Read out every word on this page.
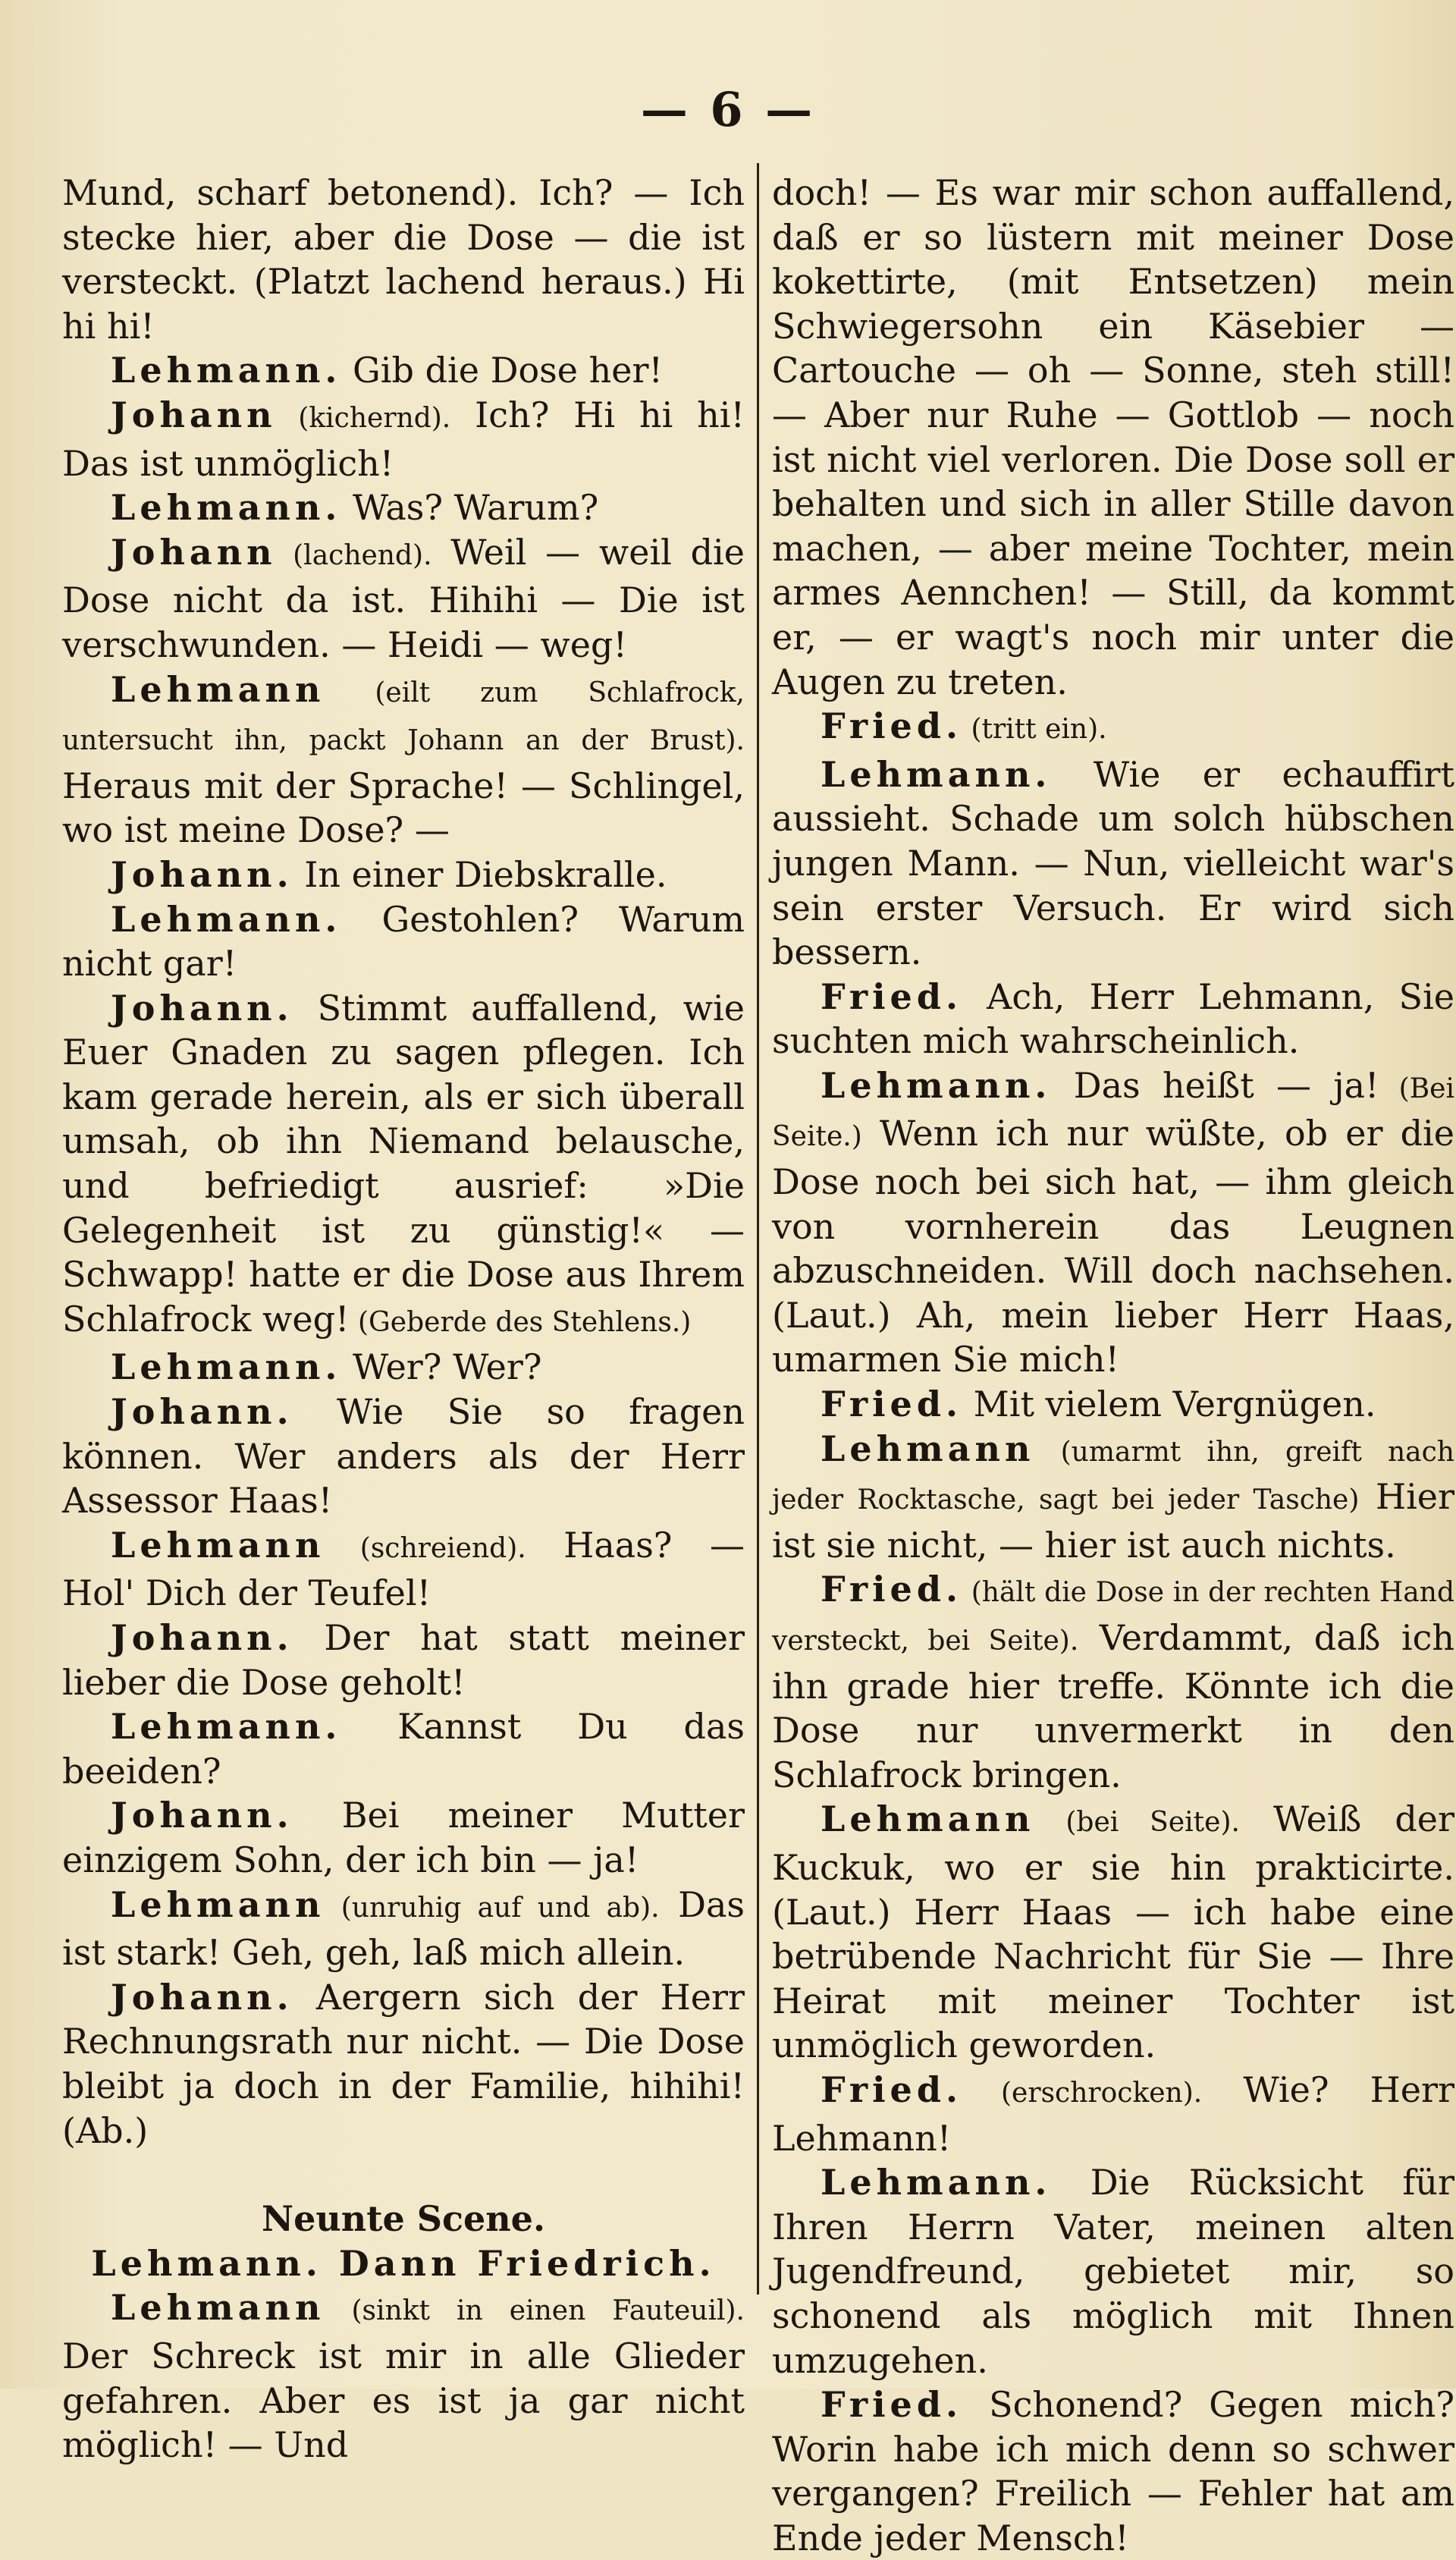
— 6 —

Mund, scharf betonend). Ich? — Ich stecke hier, aber die Dose — die ist versteckt. (Platzt lachend heraus.) Hi hi hi!

Lehmann. Gib die Dose her!

Johann (kichernd). Ich? Hi hi hi! Das ist unmöglich!

Lehmann. Was? Warum?

Johann (lachend). Weil — weil die Dose nicht da ist. Hihihi — Die ist verschwunden. — Heidi — weg!

Lehmann (eilt zum Schlafrock, untersucht ihn, packt Johann an der Brust). Heraus mit der Sprache! — Schlingel, wo ist meine Dose? —

Johann. In einer Diebskralle.

Lehmann. Gestohlen? Warum nicht gar!

Johann. Stimmt auffallend, wie Euer Gnaden zu sagen pflegen. Ich kam gerade herein, als er sich überall umsah, ob ihn Niemand belausche, und befriedigt ausrief: »Die Gelegenheit ist zu günstig!« — Schwapp! hatte er die Dose aus Ihrem Schlafrock weg! (Geberde des Stehlens.)

Lehmann. Wer? Wer?

Johann. Wie Sie so fragen können. Wer anders als der Herr Assessor Haas!

Lehmann (schreiend). Haas? — Hol' Dich der Teufel!

Johann. Der hat statt meiner lieber die Dose geholt!

Lehmann. Kannst Du das beeiden?

Johann. Bei meiner Mutter einzigem Sohn, der ich bin — ja!

Lehmann (unruhig auf und ab). Das ist stark! Geh, geh, laß mich allein.

Johann. Aergern sich der Herr Rechnungsrath nur nicht. — Die Dose bleibt ja doch in der Familie, hihihi! (Ab.)

Neunte Scene.

Lehmann. Dann Friedrich.

Lehmann (sinkt in einen Fauteuil). Der Schreck ist mir in alle Glieder gefahren. Aber es ist ja gar nicht möglich! — Und

doch! — Es war mir schon auffallend, daß er so lüstern mit meiner Dose kokettirte, (mit Entsetzen) mein Schwiegersohn ein Käsebier — Cartouche — oh — Sonne, steh still! — Aber nur Ruhe — Gottlob — noch ist nicht viel verloren. Die Dose soll er behalten und sich in aller Stille davon machen, — aber meine Tochter, mein armes Aennchen! — Still, da kommt er, — er wagt's noch mir unter die Augen zu treten.

Fried. (tritt ein).

Lehmann. Wie er echauffirt aussieht. Schade um solch hübschen jungen Mann. — Nun, vielleicht war's sein erster Versuch. Er wird sich bessern.

Fried. Ach, Herr Lehmann, Sie suchten mich wahrscheinlich.

Lehmann. Das heißt — ja! (Bei Seite.) Wenn ich nur wüßte, ob er die Dose noch bei sich hat, — ihm gleich von vornherein das Leugnen abzuschneiden. Will doch nachsehen. (Laut.) Ah, mein lieber Herr Haas, umarmen Sie mich!

Fried. Mit vielem Vergnügen.

Lehmann (umarmt ihn, greift nach jeder Rocktasche, sagt bei jeder Tasche) Hier ist sie nicht, — hier ist auch nichts.

Fried. (hält die Dose in der rechten Hand versteckt, bei Seite). Verdammt, daß ich ihn grade hier treffe. Könnte ich die Dose nur unvermerkt in den Schlafrock bringen.

Lehmann (bei Seite). Weiß der Kuckuk, wo er sie hin prakticirte. (Laut.) Herr Haas — ich habe eine betrübende Nachricht für Sie — Ihre Heirat mit meiner Tochter ist unmöglich geworden.

Fried. (erschrocken). Wie? Herr Lehmann!

Lehmann. Die Rücksicht für Ihren Herrn Vater, meinen alten Jugendfreund, gebietet mir, so schonend als möglich mit Ihnen umzugehen.

Fried. Schonend? Gegen mich? Worin habe ich mich denn so schwer vergangen? Freilich — Fehler hat am Ende jeder Mensch!
